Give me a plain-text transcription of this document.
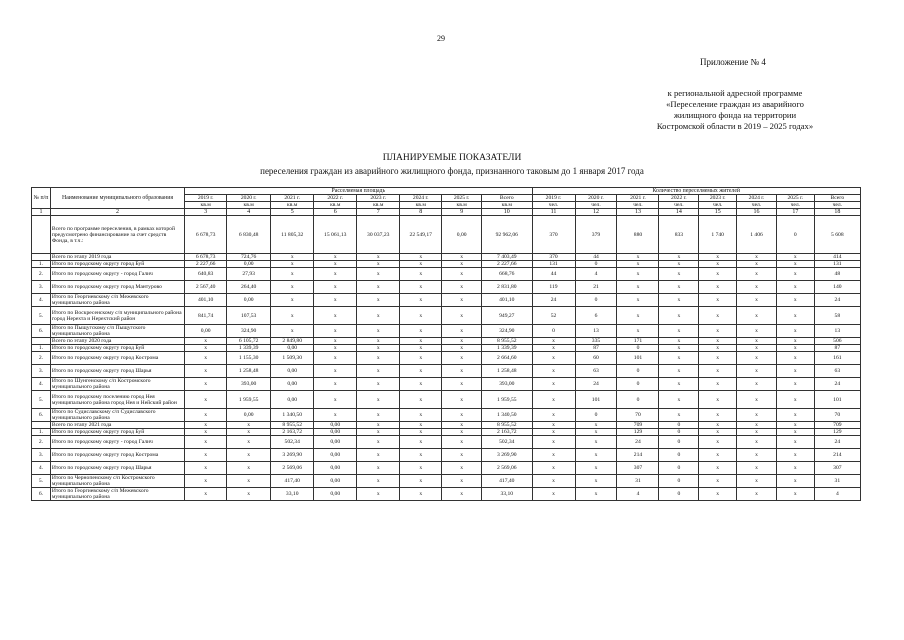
29
Приложение № 4
к региональной адресной программе
«Переселение граждан из аварийного
жилищного фонда на территории
Костромской области в 2019 – 2025 годах»
ПЛАНИРУЕМЫЕ ПОКАЗАТЕЛИ
переселения граждан из аварийного жилищного фонда, признанного таковым до 1 января 2017 года
№ п/п	Наименование муниципального образования	Расселяемая площадь								Количество переселяемых жителей							
		2019 г.	2020 г.	2021 г.	2022 г.	2023 г.	2024 г.	2025 г.	Всего	2019 г.	2020 г.	2021 г.	2022 г.	2023 г.	2024 г.	2025 г.	Всего
		кв.м	кв.м	кв.м	кв.м	кв.м	кв.м	кв.м	кв.м	чел.	чел.	чел.	чел.	чел.	чел.	чел.	чел.
1	2	3	4	5	6	7	8	9	10	11	12	13	14	15	16	17	18
	Всего по программе переселения, в рамках которой предусмотрено финансирование за счет средств Фонда, в т.ч.:	6 678,73	6 830,48	11 805,32	15 061,13	30 037,23	22 549,17	0,00	92 962,06	370	379	880	833	1 740	1 406	0	5 608
	Всего по этапу 2019 года	6 678,73	724,76	х	х	х	х	х	7 403,49	370	44	х	х	х	х	х	414
1.	Итого по городскому округу город Буй	2 227,66	0,00	х	х	х	х	х	2 227,66	131	0	х	х	х	х	х	131
2.	Итого по городскому округу - город Галич	640,83	27,93	х	х	х	х	х	668,76	44	4	х	х	х	х	х	48
3.	Итого по городскому округу город Мантурово	2 567,40	264,40	х	х	х	х	х	2 831,80	119	21	х	х	х	х	х	140
4.	Итого по Георгиевскому с/п Межевского муниципального района	401,10	0,00	х	х	х	х	х	401,10	24	0	х	х	х	х	х	24
5.	Итого по Воскресенскому с/п муниципального района город Нерехта и Нерехтский район	841,74	107,53	х	х	х	х	х	949,27	52	6	х	х	х	х	х	58
6.	Итого по Пыщугскому с/п Пыщугского муниципального района	0,00	324,90	х	х	х	х	х	324,90	0	13	х	х	х	х	х	13
	Всего по этапу 2020 года	х	6 105,72	2 849,80	х	х	х	х	8 955,52	х	335	171	х	х	х	х	506
1.	Итого по городскому округу город Буй	х	1 339,39	0,00	х	х	х	х	1 339,39	х	87	0	х	х	х	х	87
2.	Итого по городскому округу город Кострома	х	1 155,30	1 509,30	х	х	х	х	2 664,60	х	60	101	х	х	х	х	161
3.	Итого по городскому округу город Шарья	х	1 258,48	0,00	х	х	х	х	1 258,48	х	63	0	х	х	х	х	63
4.	Итого по Шунгенскому с/п Костромского муниципального района	х	393,00	0,00	х	х	х	х	393,00	х	24	0	х	х	х	х	24
5.	Итого по городскому поселению город Нея муниципального района город Нея и Нейский район	х	1 959,55	0,00	х	х	х	х	1 959,55	х	101	0	х	х	х	х	101
6.	Итого по Судиславскому с/п Судиславского муниципального района	х	0,00	1 340,50	х	х	х	х	1 340,50	х	0	70	х	х	х	х	70
	Всего по этапу 2021 года	х	х	8 955,52	0,00	х	х	х	8 955,52	х	х	709	0	х	х	х	709
1.	Итого по городскому округу город Буй	х	х	2 163,72	0,00	х	х	х	2 163,72	х	х	129	0	х	х	х	129
2.	Итого по городскому округу - город Галич	х	х	502,34	0,00	х	х	х	502,34	х	х	24	0	х	х	х	24
3.	Итого по городскому округу город Кострома	х	х	3 269,90	0,00	х	х	х	3 269,90	х	х	214	0	х	х	х	214
4.	Итого по городскому округу город Шарья	х	х	2 569,06	0,00	х	х	х	2 569,06	х	х	307	0	х	х	х	307
5.	Итого по Чернопенскому с/п Костромского муниципального района	х	х	417,40	0,00	х	х	х	417,40	х	х	31	0	х	х	х	31
6.	Итого по Георгиевскому с/п Межевского муниципального района	х	х	33,10	0,00	х	х	х	33,10	х	х	4	0	х	х	х	4
